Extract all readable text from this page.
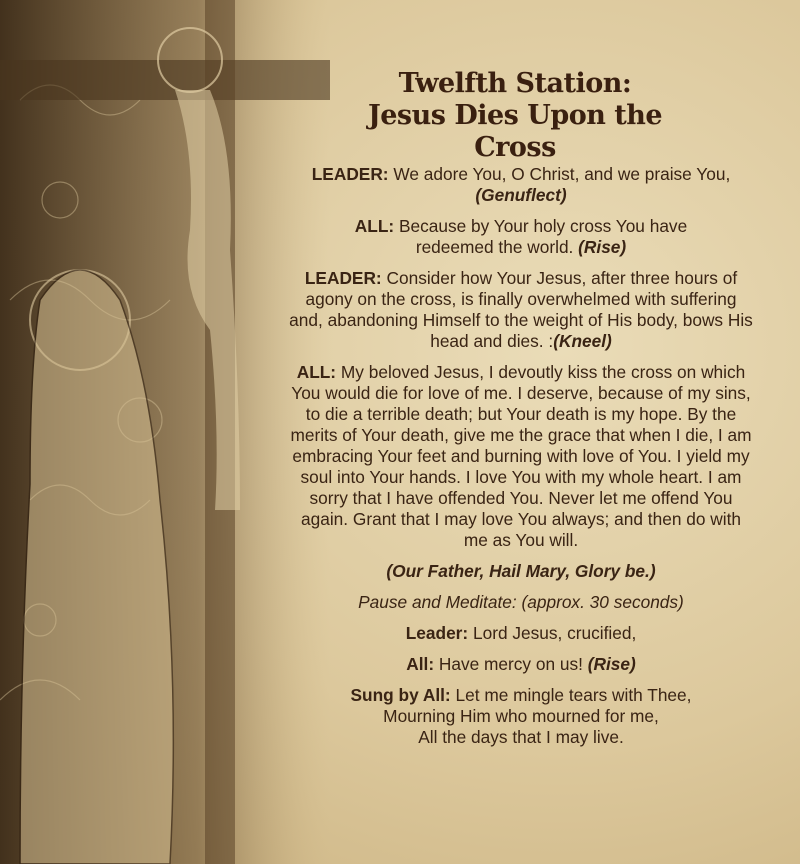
Twelfth Station:
Jesus Dies Upon the Cross

LEADER: We adore You, O Christ, and we praise You,
(Genuflect)

ALL: Because by Your holy cross You have redeemed the world. (Rise)

LEADER: Consider how Your Jesus, after three hours of agony on the cross, is finally overwhelmed with suffering and, abandoning Himself to the weight of His body, bows His head and dies. :(Kneel)

ALL: My beloved Jesus, I devoutly kiss the cross on which You would die for love of me. I deserve, because of my sins, to die a terrible death; but Your death is my hope. By the merits of Your death, give me the grace that when I die, I am embracing Your feet and burning with love of You. I yield my soul into Your hands. I love You with my whole heart. I am sorry that I have offended You. Never let me offend You again. Grant that I may love You always; and then do with me as You will.

(Our Father, Hail Mary, Glory be.)

Pause and Meditate: (approx. 30 seconds)

Leader: Lord Jesus, crucified,

All: Have mercy on us! (Rise)

Sung by All: Let me mingle tears with Thee,
Mourning Him who mourned for me,
All the days that I may live.
